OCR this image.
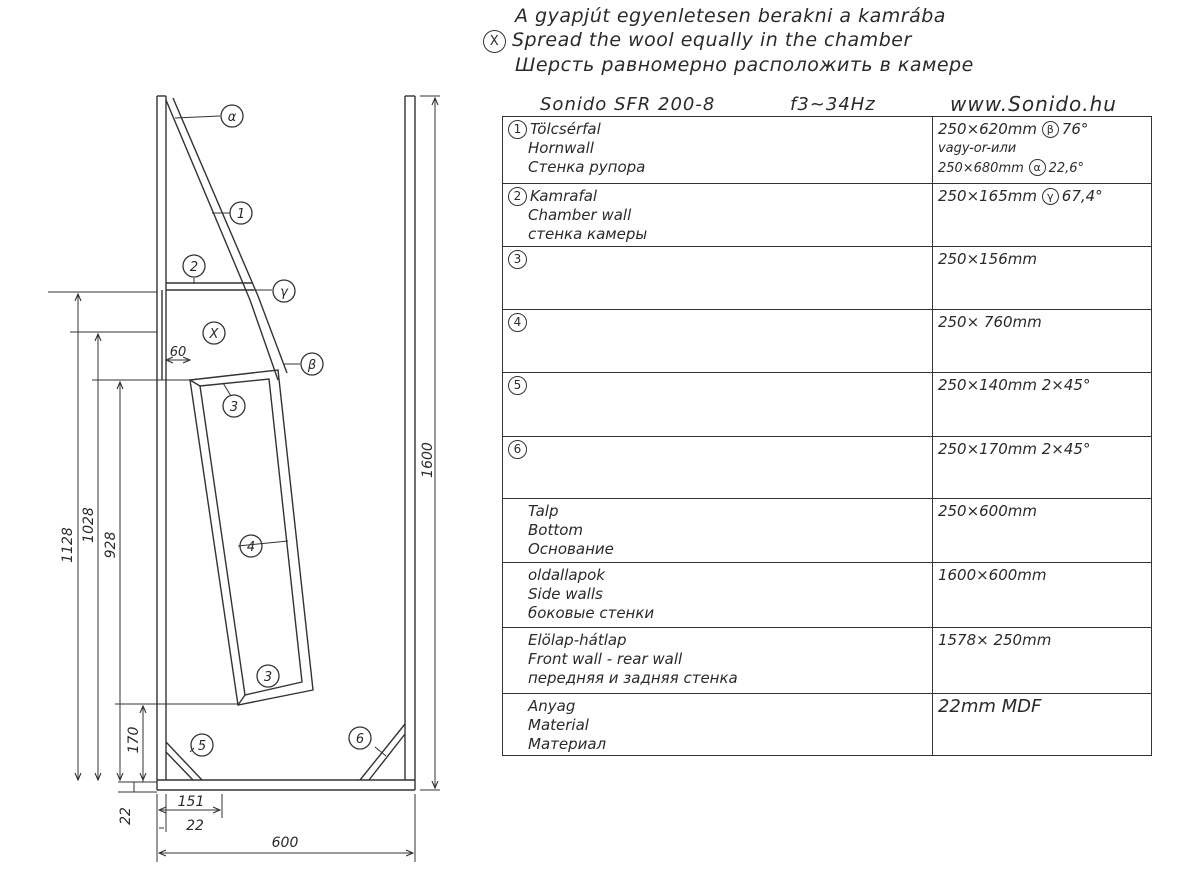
α
1
2
γ
X
β
3
4
3
5	6
1600
600
1128
1028
928
170
22
151
22
60
A gyapjút egyenletesen berakni a kamrába
X Spread the wool equally in the chamber
Шерсть равномерно расположить в камере
Sonido SFR 200-8	f3~34Hz	www.Sonido.hu
1 Tölcsérfal
Hornwall
Стенка рупора	250×620mm β 76°
vagy-or-или
250×680mm α 22,6°
2 Kamrafal
Chamber wall
стенка камеры	250×165mm γ 67,4°
3	250×156mm
4	250× 760mm
5	250×140mm 2×45°
6	250×170mm 2×45°

Talp
Bottom
Основание	250×600mm

oldallapok
Side walls
боковые стенки	1600×600mm

Elölap-hátlap
Front wall - rear wall
передняя и задняя стенка	1578× 250mm

Anyag
Material
Материал	22mm MDF
